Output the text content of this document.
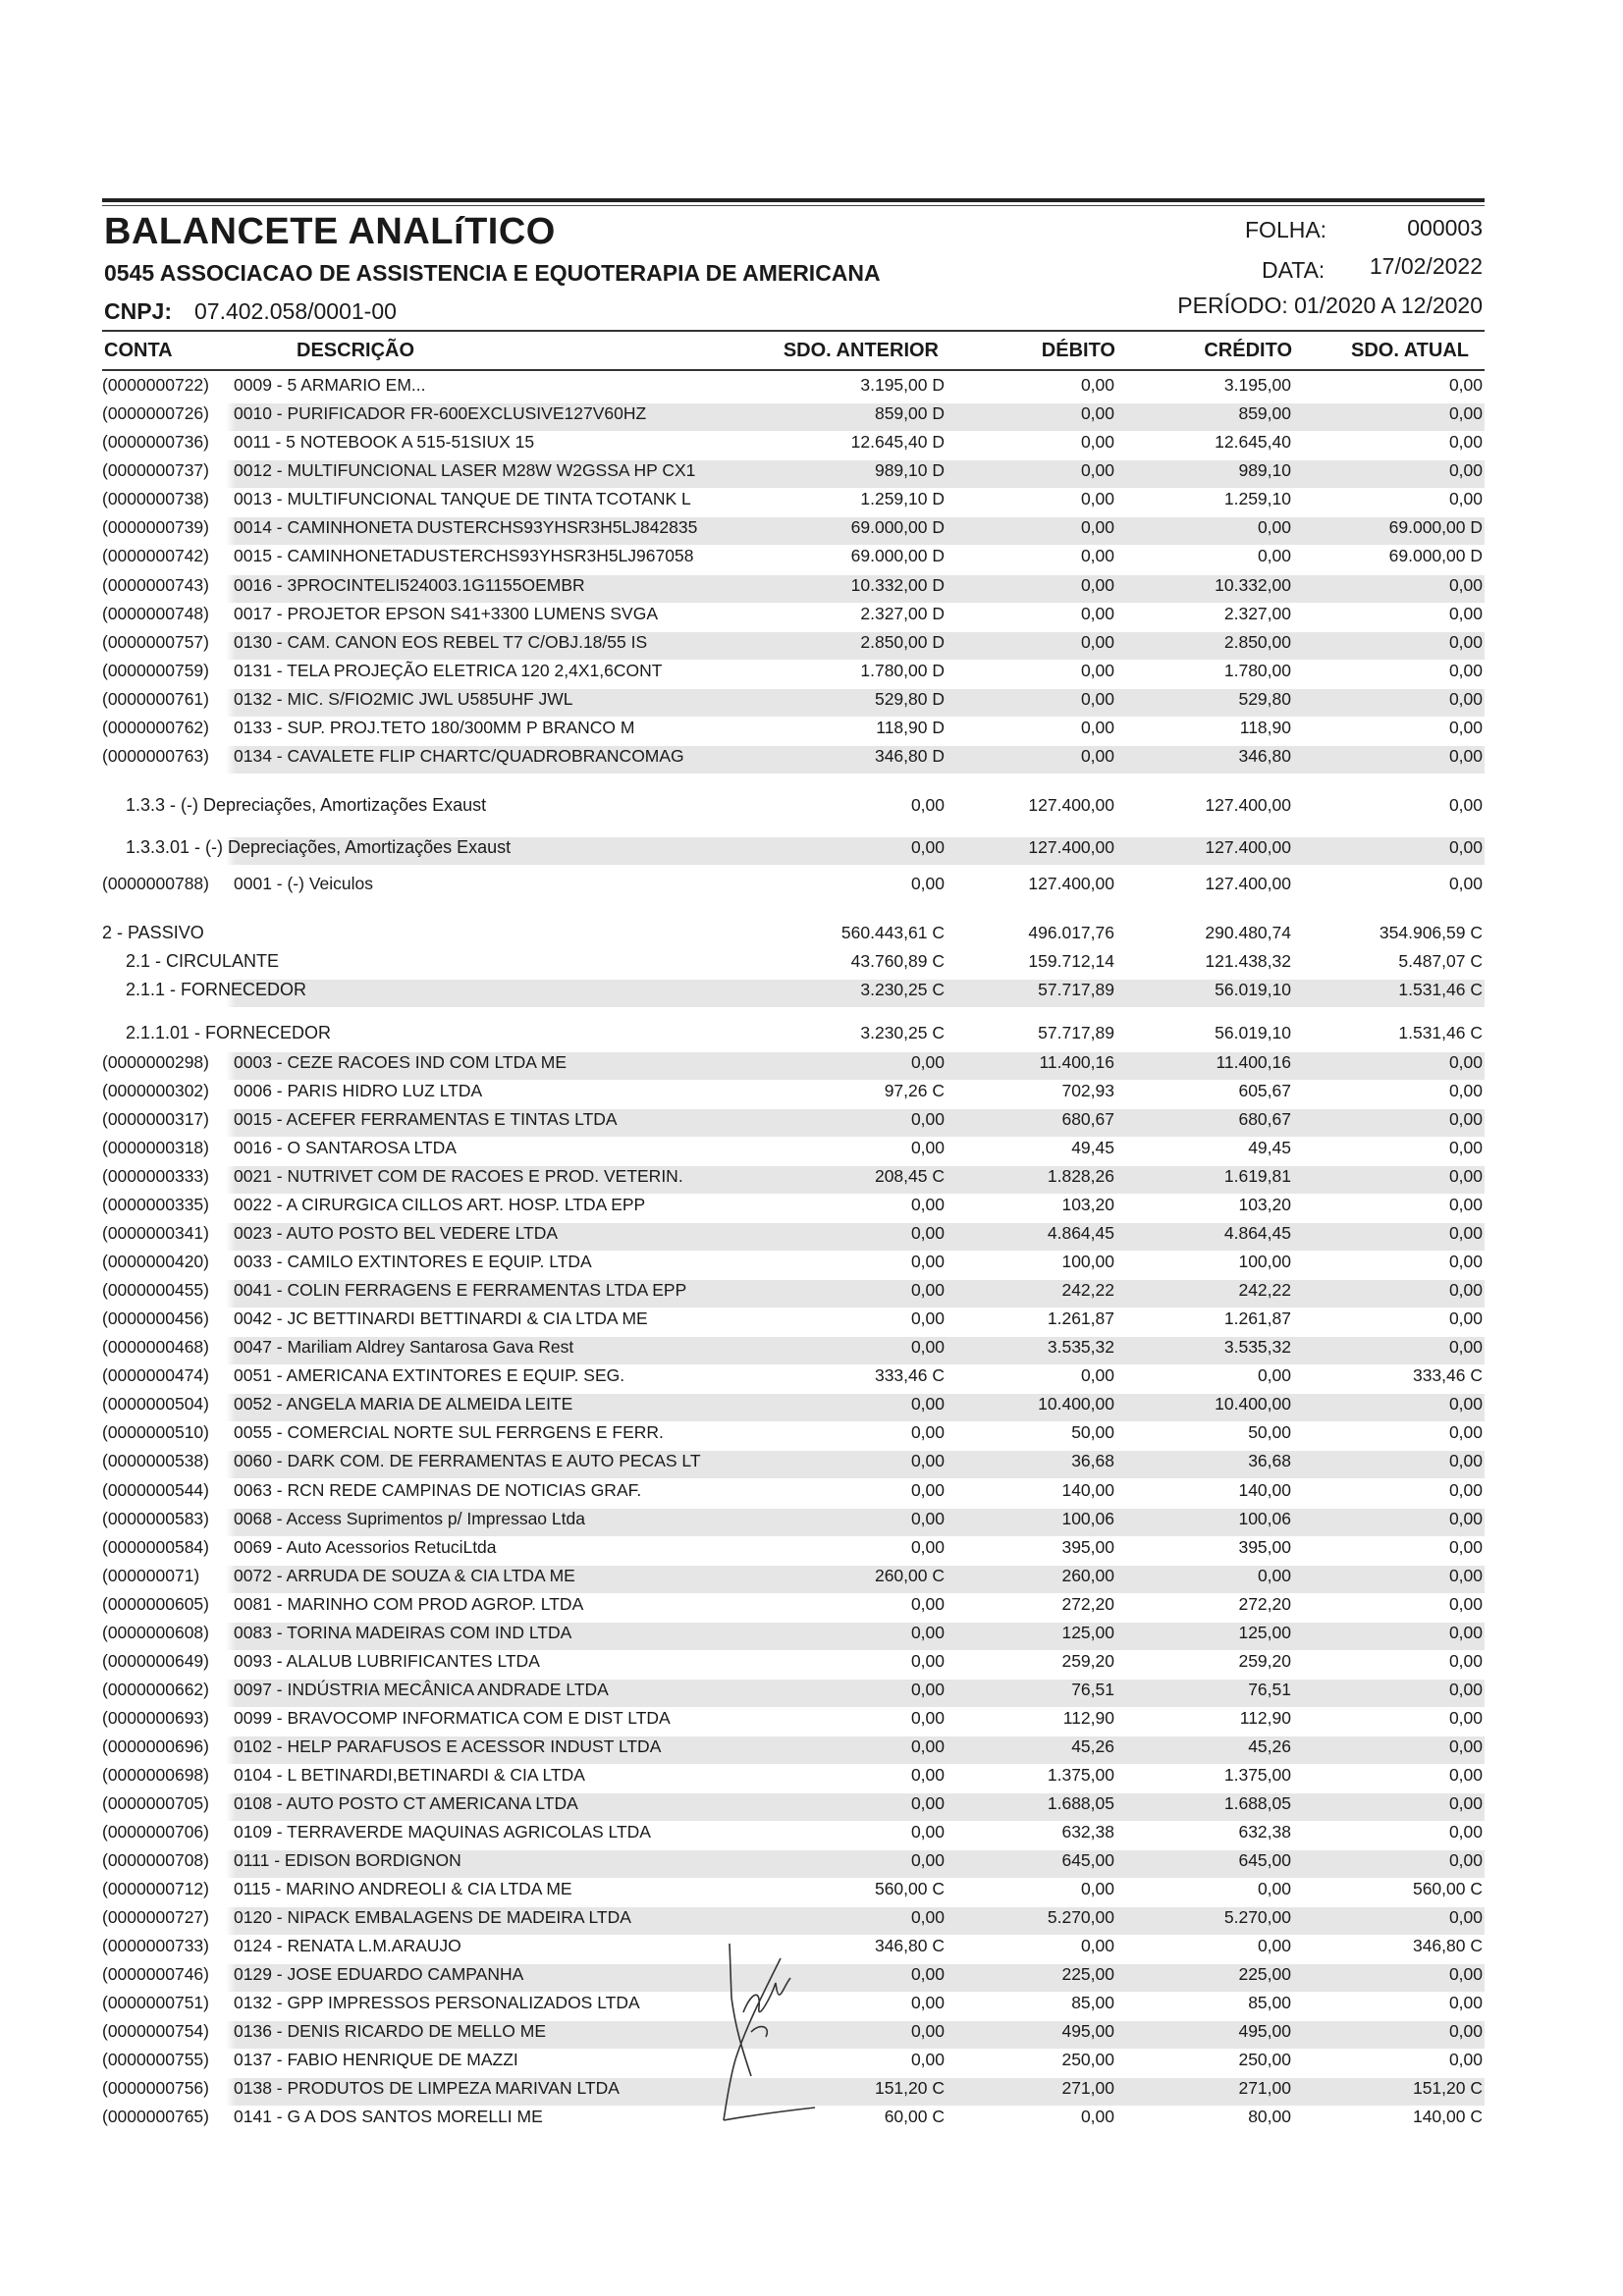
BALANCETE ANALíTICO
0545 ASSOCIACAO DE ASSISTENCIA E EQUOTERAPIA DE AMERICANA
CNPJ: 07.402.058/0001-00
FOLHA:	000003
DATA:	17/02/2022
PERÍODO: 01/2020 A 12/2020
CONTA	DESCRIÇÃO	SDO. ANTERIOR	DÉBITO	CRÉDITO	SDO. ATUAL
(0000000722) 0009 - 5 ARMARIO EM...	3.195,00 D	0,00	3.195,00	0,00
(0000000726) 0010 - PURIFICADOR FR-600EXCLUSIVE127V60HZ	859,00 D	0,00	859,00	0,00
(0000000736) 0011 - 5 NOTEBOOK A 515-51SIUX 15	12.645,40 D	0,00	12.645,40	0,00
(0000000737) 0012 - MULTIFUNCIONAL LASER M28W W2GSSA HP CX1	989,10 D	0,00	989,10	0,00
(0000000738) 0013 - MULTIFUNCIONAL TANQUE DE TINTA TCOTANK L	1.259,10 D	0,00	1.259,10	0,00
(0000000739) 0014 - CAMINHONETA DUSTERCHS93YHSR3H5LJ842835	69.000,00 D	0,00	0,00	69.000,00 D
(0000000742) 0015 - CAMINHONETADUSTERCHS93YHSR3H5LJ967058	69.000,00 D	0,00	0,00	69.000,00 D
(0000000743) 0016 - 3PROCINTELI524003.1G1155OEMBR	10.332,00 D	0,00	10.332,00	0,00
(0000000748) 0017 - PROJETOR EPSON S41+3300 LUMENS SVGA	2.327,00 D	0,00	2.327,00	0,00
(0000000757) 0130 - CAM. CANON EOS REBEL T7 C/OBJ.18/55 IS	2.850,00 D	0,00	2.850,00	0,00
(0000000759) 0131 - TELA PROJEÇÃO ELETRICA 120 2,4X1,6CONT	1.780,00 D	0,00	1.780,00	0,00
(0000000761) 0132 - MIC. S/FIO2MIC JWL U585UHF JWL	529,80 D	0,00	529,80	0,00
(0000000762) 0133 - SUP. PROJ.TETO 180/300MM P BRANCO M	118,90 D	0,00	118,90	0,00
(0000000763) 0134 - CAVALETE FLIP CHARTC/QUADROBRANCOMAG	346,80 D	0,00	346,80	0,00
1.3.3 - (-) Depreciações, Amortizações Exaust	0,00	127.400,00	127.400,00	0,00
1.3.3.01 - (-) Depreciações, Amortizações Exaust	0,00	127.400,00	127.400,00	0,00
(0000000788) 0001 - (-) Veiculos	0,00	127.400,00	127.400,00	0,00
2 - PASSIVO	560.443,61 C	496.017,76	290.480,74	354.906,59 C
2.1 - CIRCULANTE	43.760,89 C	159.712,14	121.438,32	5.487,07 C
2.1.1 - FORNECEDOR	3.230,25 C	57.717,89	56.019,10	1.531,46 C
2.1.1.01 - FORNECEDOR	3.230,25 C	57.717,89	56.019,10	1.531,46 C
(0000000298) 0003 - CEZE RACOES IND COM LTDA ME	0,00	11.400,16	11.400,16	0,00
(0000000302) 0006 - PARIS HIDRO LUZ LTDA	97,26 C	702,93	605,67	0,00
(0000000317) 0015 - ACEFER FERRAMENTAS E TINTAS LTDA	0,00	680,67	680,67	0,00
(0000000318) 0016 - O SANTAROSA LTDA	0,00	49,45	49,45	0,00
(0000000333) 0021 - NUTRIVET COM DE RACOES E PROD. VETERIN.	208,45 C	1.828,26	1.619,81	0,00
(0000000335) 0022 - A CIRURGICA CILLOS ART. HOSP. LTDA EPP	0,00	103,20	103,20	0,00
(0000000341) 0023 - AUTO POSTO BEL VEDERE LTDA	0,00	4.864,45	4.864,45	0,00
(0000000420) 0033 - CAMILO EXTINTORES E EQUIP. LTDA	0,00	100,00	100,00	0,00
(0000000455) 0041 - COLIN FERRAGENS E FERRAMENTAS LTDA EPP	0,00	242,22	242,22	0,00
(0000000456) 0042 - JC BETTINARDI BETTINARDI & CIA LTDA ME	0,00	1.261,87	1.261,87	0,00
(0000000468) 0047 - Mariliam Aldrey Santarosa Gava Rest	0,00	3.535,32	3.535,32	0,00
(0000000474) 0051 - AMERICANA EXTINTORES E EQUIP. SEG.	333,46 C	0,00	0,00	333,46 C
(0000000504) 0052 - ANGELA MARIA DE ALMEIDA LEITE	0,00	10.400,00	10.400,00	0,00
(0000000510) 0055 - COMERCIAL NORTE SUL FERRGENS E FERR.	0,00	50,00	50,00	0,00
(0000000538) 0060 - DARK COM. DE FERRAMENTAS E AUTO PECAS LT	0,00	36,68	36,68	0,00
(0000000544) 0063 - RCN REDE CAMPINAS DE NOTICIAS GRAF.	0,00	140,00	140,00	0,00
(0000000583) 0068 - Access Suprimentos p/ Impressao Ltda	0,00	100,06	100,06	0,00
(0000000584) 0069 - Auto Acessorios RetuciLtda	0,00	395,00	395,00	0,00
(000000071) 0072 - ARRUDA DE SOUZA & CIA LTDA ME	260,00 C	260,00	0,00	0,00
(0000000605) 0081 - MARINHO COM PROD AGROP. LTDA	0,00	272,20	272,20	0,00
(0000000608) 0083 - TORINA MADEIRAS COM IND LTDA	0,00	125,00	125,00	0,00
(0000000649) 0093 - ALALUB LUBRIFICANTES LTDA	0,00	259,20	259,20	0,00
(0000000662) 0097 - INDÚSTRIA MECÂNICA ANDRADE LTDA	0,00	76,51	76,51	0,00
(0000000693) 0099 - BRAVOCOMP INFORMATICA COM E DIST LTDA	0,00	112,90	112,90	0,00
(0000000696) 0102 - HELP PARAFUSOS E ACESSOR INDUST LTDA	0,00	45,26	45,26	0,00
(0000000698) 0104 - L BETINARDI,BETINARDI & CIA LTDA	0,00	1.375,00	1.375,00	0,00
(0000000705) 0108 - AUTO POSTO CT AMERICANA LTDA	0,00	1.688,05	1.688,05	0,00
(0000000706) 0109 - TERRAVERDE MAQUINAS AGRICOLAS LTDA	0,00	632,38	632,38	0,00
(0000000708) 0111 - EDISON BORDIGNON	0,00	645,00	645,00	0,00
(0000000712) 0115 - MARINO ANDREOLI & CIA LTDA ME	560,00 C	0,00	0,00	560,00 C
(0000000727) 0120 - NIPACK EMBALAGENS DE MADEIRA LTDA	0,00	5.270,00	5.270,00	0,00
(0000000733) 0124 - RENATA L.M.ARAUJO	346,80 C	0,00	0,00	346,80 C
(0000000746) 0129 - JOSE EDUARDO CAMPANHA	0,00	225,00	225,00	0,00
(0000000751) 0132 - GPP IMPRESSOS PERSONALIZADOS LTDA	0,00	85,00	85,00	0,00
(0000000754) 0136 - DENIS RICARDO DE MELLO ME	0,00	495,00	495,00	0,00
(0000000755) 0137 - FABIO HENRIQUE DE MAZZI	0,00	250,00	250,00	0,00
(0000000756) 0138 - PRODUTOS DE LIMPEZA MARIVAN LTDA	151,20 C	271,00	271,00	151,20 C
(0000000765) 0141 - G A DOS SANTOS MORELLI ME	60,00 C	0,00	80,00	140,00 C
